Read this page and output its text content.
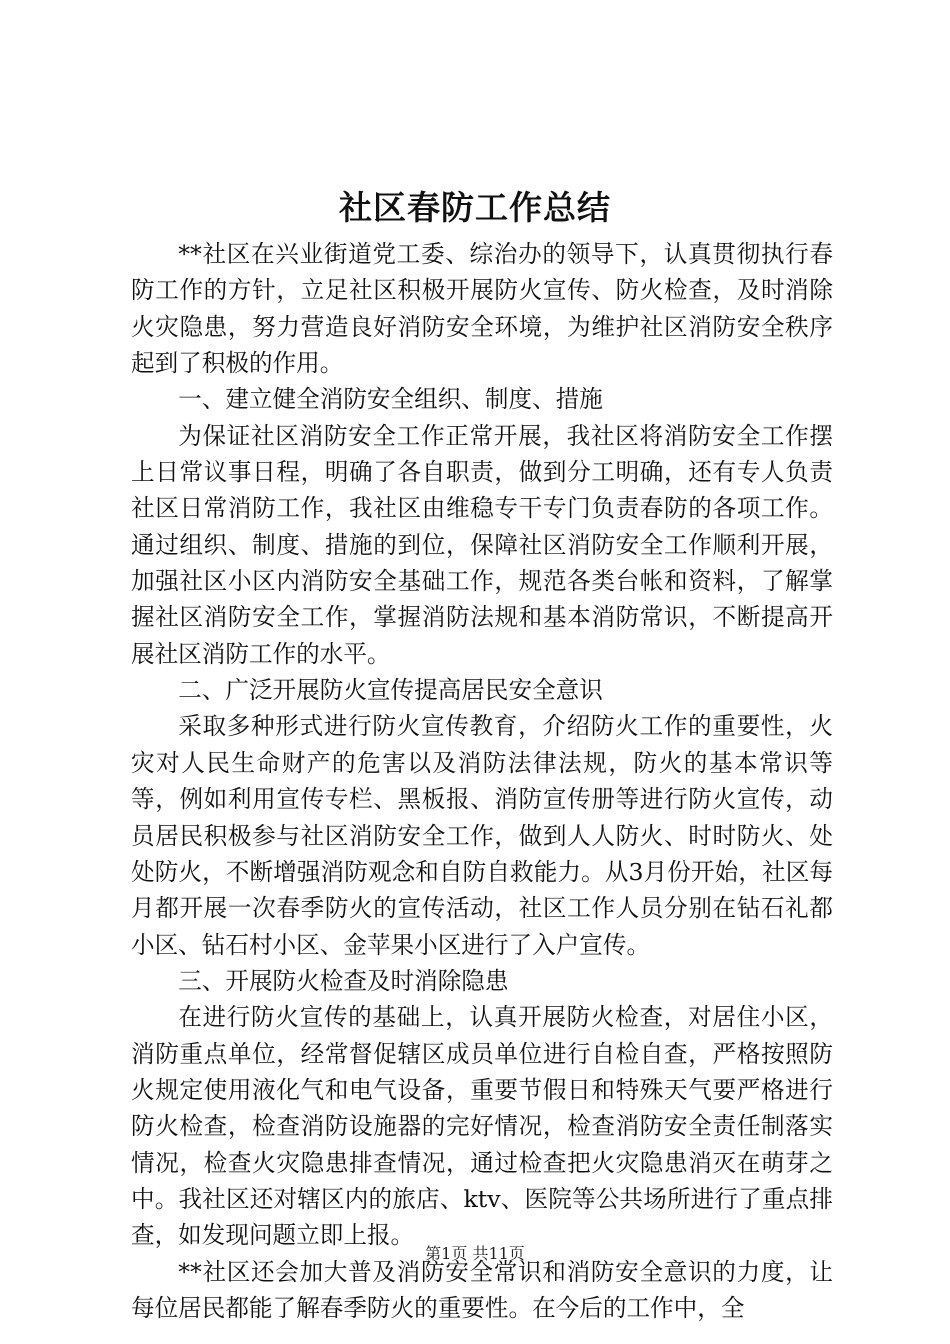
社区春防工作总结

**社区在兴业街道党工委、综治办的领导下，认真贯彻执行春防工作的方针，立足社区积极开展防火宣传、防火检查，及时消除火灾隐患，努力营造良好消防安全环境，为维护社区消防安全秩序起到了积极的作用。

一、建立健全消防安全组织、制度、措施

为保证社区消防安全工作正常开展，我社区将消防安全工作摆上日常议事日程，明确了各自职责，做到分工明确，还有专人负责社区日常消防工作，我社区由维稳专干专门负责春防的各项工作。通过组织、制度、措施的到位，保障社区消防安全工作顺利开展，加强社区小区内消防安全基础工作，规范各类台帐和资料，了解掌握社区消防安全工作，掌握消防法规和基本消防常识，不断提高开展社区消防工作的水平。

二、广泛开展防火宣传提高居民安全意识

采取多种形式进行防火宣传教育，介绍防火工作的重要性，火灾对人民生命财产的危害以及消防法律法规，防火的基本常识等等，例如利用宣传专栏、黑板报、消防宣传册等进行防火宣传，动员居民积极参与社区消防安全工作，做到人人防火、时时防火、处处防火，不断增强消防观念和自防自救能力。从3月份开始，社区每月都开展一次春季防火的宣传活动，社区工作人员分别在钻石礼都小区、钻石村小区、金苹果小区进行了入户宣传。

三、开展防火检查及时消除隐患

在进行防火宣传的基础上，认真开展防火检查，对居住小区，消防重点单位，经常督促辖区成员单位进行自检自查，严格按照防火规定使用液化气和电气设备，重要节假日和特殊天气要严格进行防火检查，检查消防设施器的完好情况，检查消防安全责任制落实情况，检查火灾隐患排查情况，通过检查把火灾隐患消灭在萌芽之中。我社区还对辖区内的旅店、ktv、医院等公共场所进行了重点排查，如发现问题立即上报。

**社区还会加大普及消防安全常识和消防安全意识的力度，让每位居民都能了解春季防火的重要性。在今后的工作中，全

第1页 共11页
